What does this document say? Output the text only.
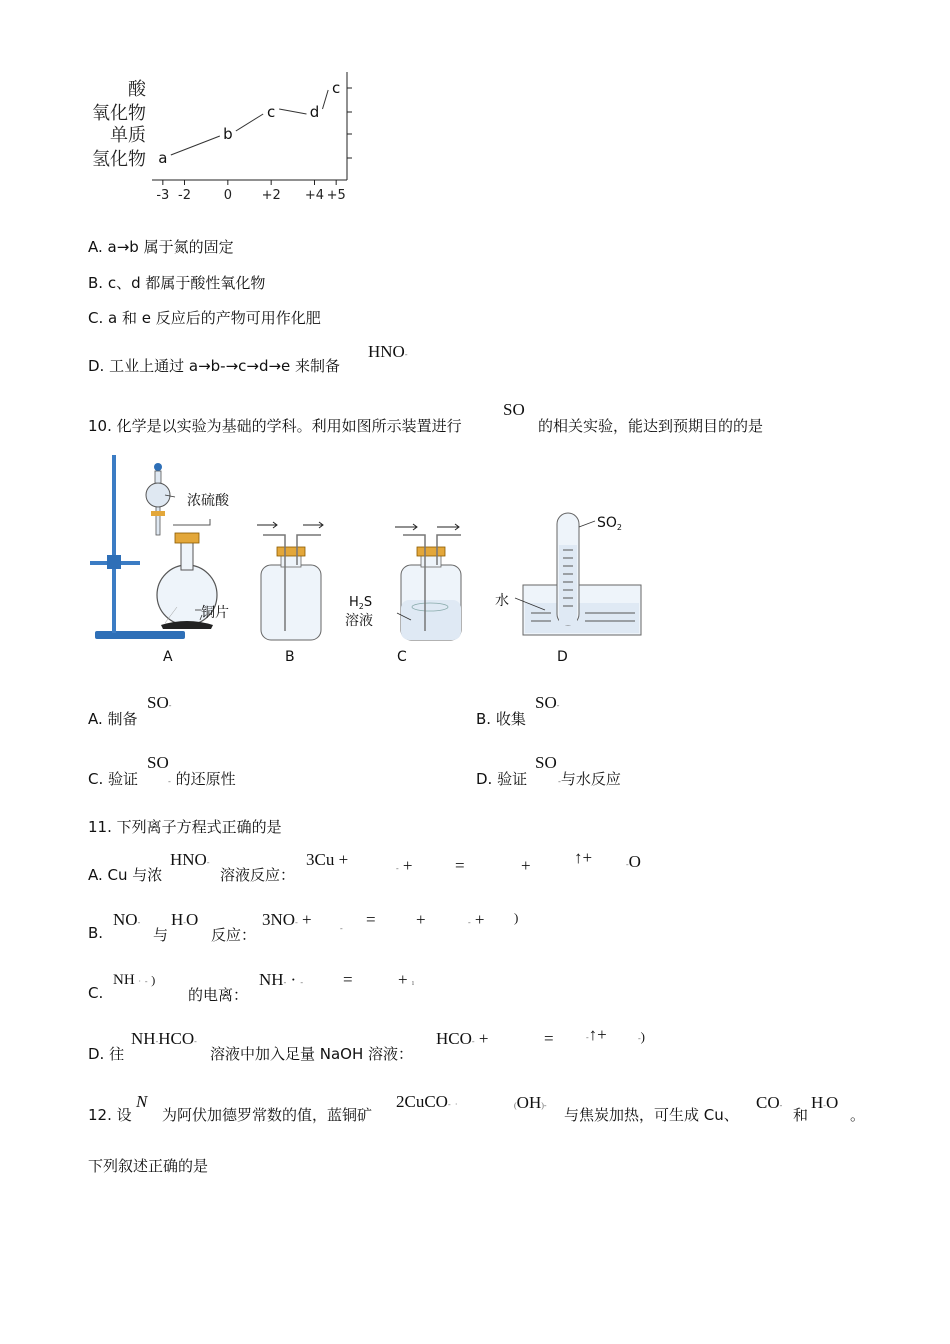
氢化物
单质
氧化物
酸
-3 -2	0 +2 +4 +5
a
b
c d
c
A. a→b 属于氮的固定
B. c、d 都属于酸性氧化物
C. a 和 e 反应后的产物可用作化肥
D. 工业上通过 a→b-→c→d→e 来制备
HNO-
10. 化学是以实验为基础的学科。利用如图所示装置进行
SO
的相关实验，能达到预期目的的是
浓硫酸
铜片
A	B
$H_2S$
溶液
C
$SO_2$
水
D
A. 制备
SO-
B. 收集
SO-
C. 验证
SO
- 的还原性	D. 验证
SO
-与水反应
11. 下列离子方程式正确的是
A. Cu 与浓
HNO-
溶液反应：
3Cu +	- + =	+	↑+	-O
B.
NO-
与
H-O
反应：
3NO- +	- = +	- + )
C.
NH · - )
的电离：
NH- · - =	+ ı
D. 往
NH-HCO-
溶液中加入足量 NaOH 溶液：
HCO- +	=	-↑+	-)
12. 设
N
为阿伏加德罗常数的值，蓝铜矿
2CuCO- ·	(OH)-
与焦炭加热，可生成 Cu、
CO-
和
H-O
。
下列叙述正确的是
